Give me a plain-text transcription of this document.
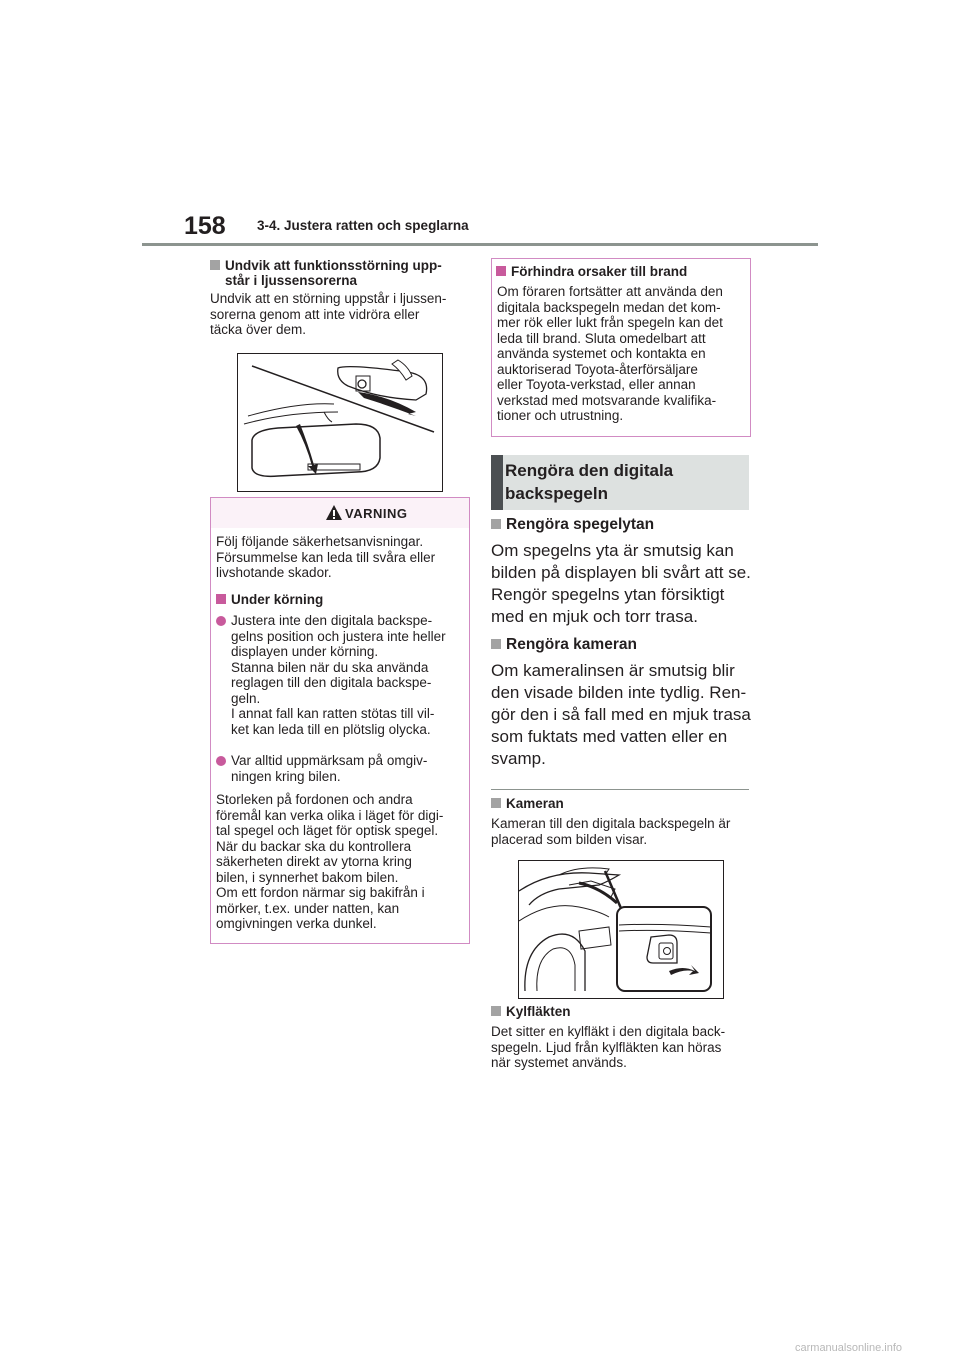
158 3-4. Justera ratten och speglarna
Undvik att funktionsstörning upp-
står i ljussensorerna
Undvik att en störning uppstår i ljussen-
sorerna genom att inte vidröra eller
täcka över dem.
VARNING
Följ följande säkerhetsanvisningar.
Försummelse kan leda till svåra eller
livshotande skador.
Under körning
Justera inte den digitala backspe-
gelns position och justera inte heller
displayen under körning.
Stanna bilen när du ska använda
reglagen till den digitala backspe-
geln.
I annat fall kan ratten stötas till vil-
ket kan leda till en plötslig olycka.
Var alltid uppmärksam på omgiv-
ningen kring bilen.
Storleken på fordonen och andra
föremål kan verka olika i läget för digi-
tal spegel och läget för optisk spegel.
När du backar ska du kontrollera
säkerheten direkt av ytorna kring
bilen, i synnerhet bakom bilen.
Om ett fordon närmar sig bakifrån i
mörker, t.ex. under natten, kan
omgivningen verka dunkel.
Förhindra orsaker till brand
Om föraren fortsätter att använda den
digitala backspegeln medan det kom-
mer rök eller lukt från spegeln kan det
leda till brand. Sluta omedelbart att
använda systemet och kontakta en
auktoriserad Toyota-återförsäljare
eller Toyota-verkstad, eller annan
verkstad med motsvarande kvalifika-
tioner och utrustning.
Rengöra den digitala
backspegeln
Rengöra spegelytan
Om spegelns yta är smutsig kan
bilden på displayen bli svårt att se.
Rengör spegelns ytan försiktigt
med en mjuk och torr trasa.
Rengöra kameran
Om kameralinsen är smutsig blir
den visade bilden inte tydlig. Ren-
gör den i så fall med en mjuk trasa
som fuktats med vatten eller en
svamp.
Kameran
Kameran till den digitala backspegeln är
placerad som bilden visar.
Kylfläkten
Det sitter en kylfläkt i den digitala back-
spegeln. Ljud från kylfläkten kan höras
när systemet används.
carmanualsonline.info
